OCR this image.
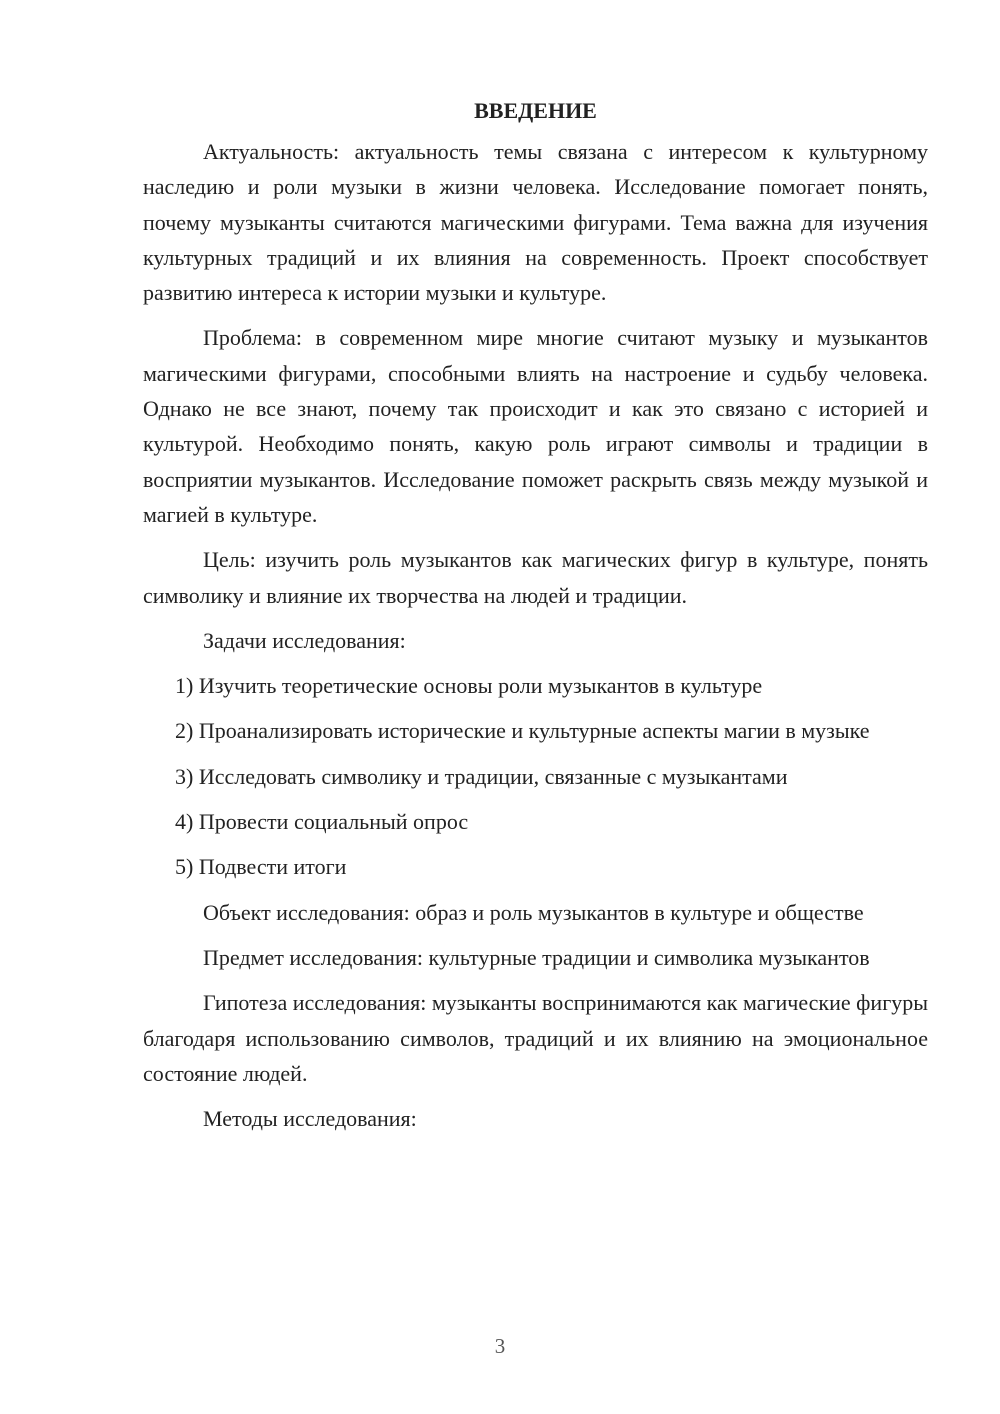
ВВЕДЕНИЕ

Актуальность: актуальность темы связана с интересом к культурному наследию и роли музыки в жизни человека. Исследование помогает понять, почему музыканты считаются магическими фигурами. Тема важна для изучения культурных традиций и их влияния на современность. Проект способствует развитию интереса к истории музыки и культуре.

Проблема: в современном мире многие считают музыку и музыкантов магическими фигурами, способными влиять на настроение и судьбу человека. Однако не все знают, почему так происходит и как это связано с историей и культурой. Необходимо понять, какую роль играют символы и традиции в восприятии музыкантов. Исследование поможет раскрыть связь между музыкой и магией в культуре.

Цель: изучить роль музыкантов как магических фигур в культуре, понять символику и влияние их творчества на людей и традиции.

Задачи исследования:

1) Изучить теоретические основы роли музыкантов в культуре

2) Проанализировать исторические и культурные аспекты магии в музыке

3) Исследовать символику и традиции, связанные с музыкантами

4) Провести социальный опрос

5) Подвести итоги

Объект исследования: образ и роль музыкантов в культуре и обществе

Предмет исследования: культурные традиции и символика музыкантов

Гипотеза исследования: музыканты воспринимаются как магические фигуры благодаря использованию символов, традиций и их влиянию на эмоциональное состояние людей.

Методы исследования:

3
